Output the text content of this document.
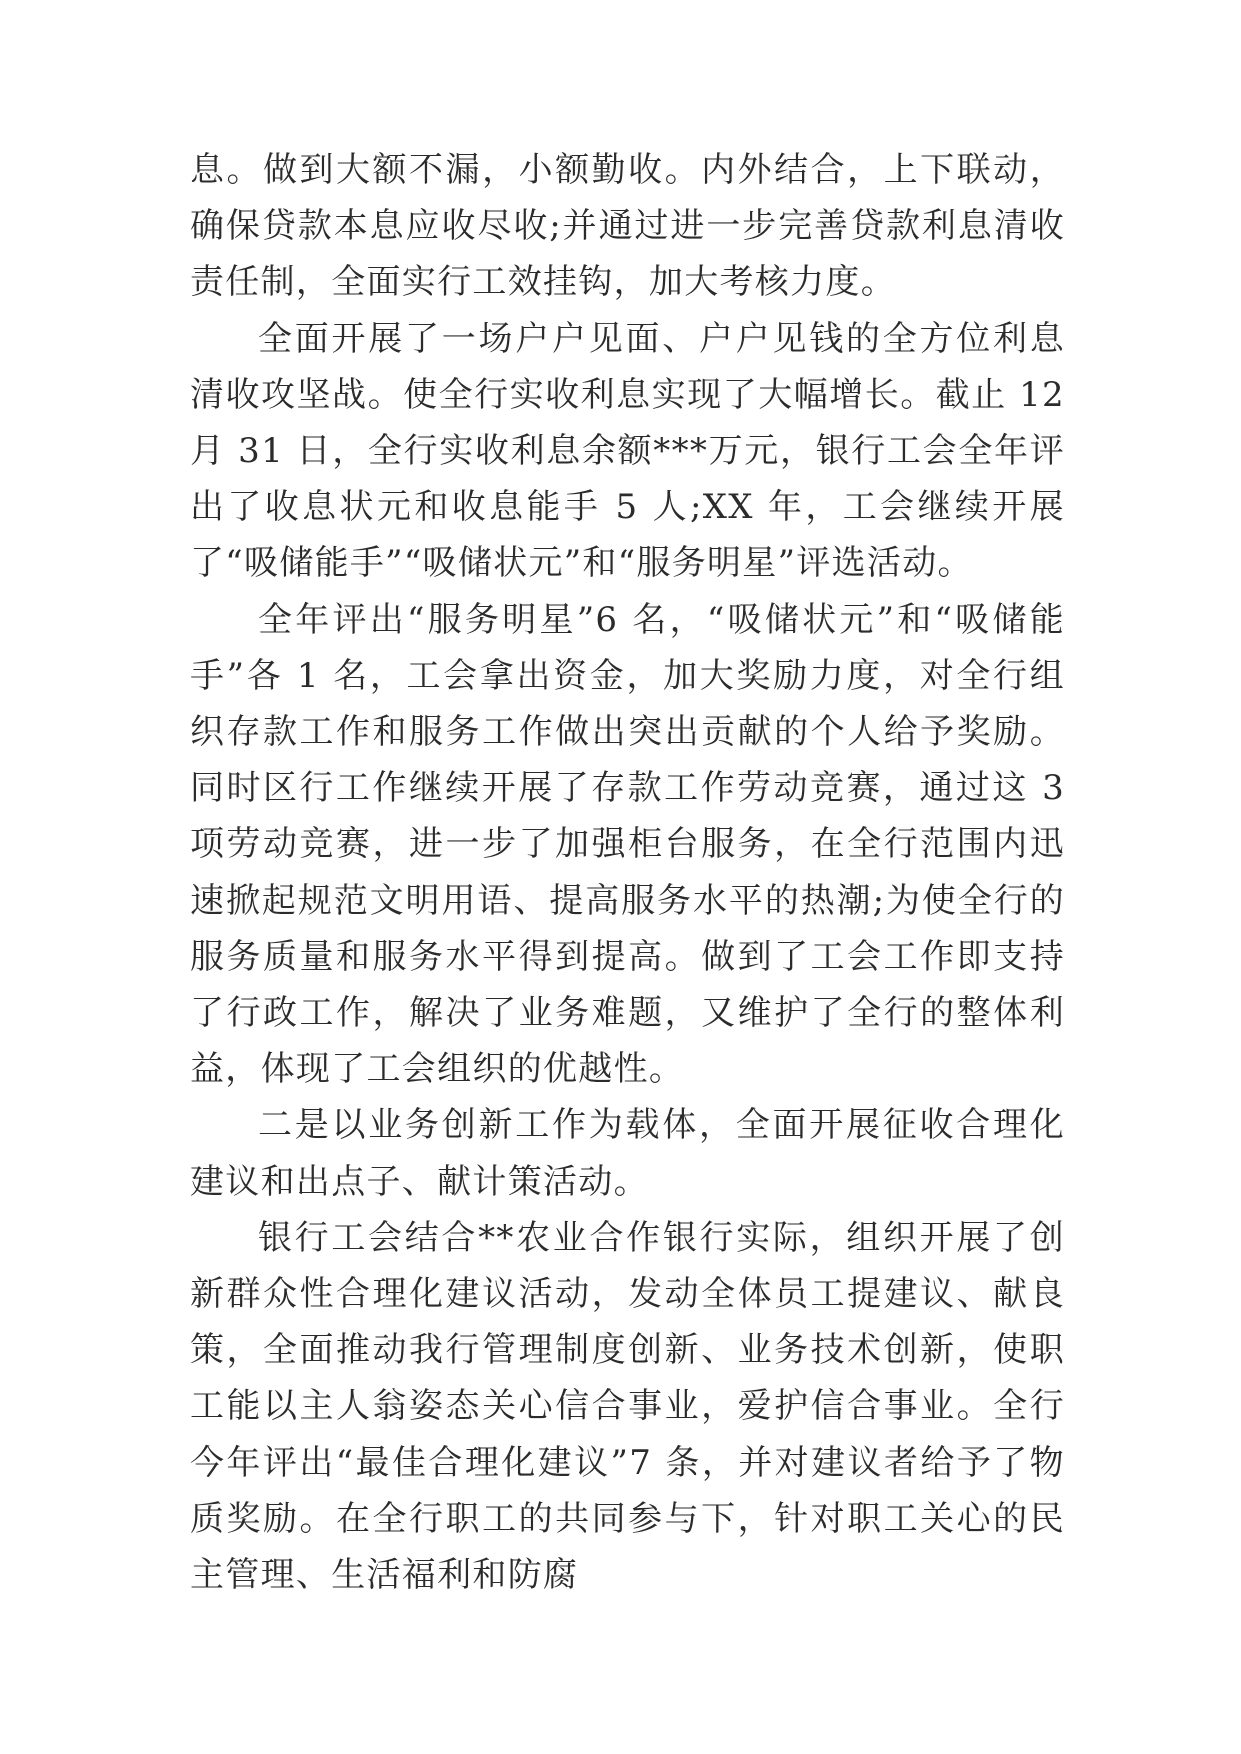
息。做到大额不漏，小额勤收。内外结合，上下联动，确保贷款本息应收尽收;并通过进一步完善贷款利息清收责任制，全面实行工效挂钩，加大考核力度。

全面开展了一场户户见面、户户见钱的全方位利息清收攻坚战。使全行实收利息实现了大幅增长。截止 12 月 31 日，全行实收利息余额***万元，银行工会全年评出了收息状元和收息能手 5 人;XX 年，工会继续开展了“吸储能手”“吸储状元”和“服务明星”评选活动。

全年评出“服务明星”6 名，“吸储状元”和“吸储能手”各 1 名，工会拿出资金，加大奖励力度，对全行组织存款工作和服务工作做出突出贡献的个人给予奖励。同时区行工作继续开展了存款工作劳动竞赛，通过这 3 项劳动竞赛，进一步了加强柜台服务，在全行范围内迅速掀起规范文明用语、提高服务水平的热潮;为使全行的服务质量和服务水平得到提高。做到了工会工作即支持了行政工作，解决了业务难题，又维护了全行的整体利益，体现了工会组织的优越性。

二是以业务创新工作为载体，全面开展征收合理化建议和出点子、献计策活动。

银行工会结合**农业合作银行实际，组织开展了创新群众性合理化建议活动，发动全体员工提建议、献良策，全面推动我行管理制度创新、业务技术创新，使职工能以主人翁姿态关心信合事业，爱护信合事业。全行今年评出“最佳合理化建议”7 条，并对建议者给予了物质奖励。在全行职工的共同参与下，针对职工关心的民主管理、生活福利和防腐
